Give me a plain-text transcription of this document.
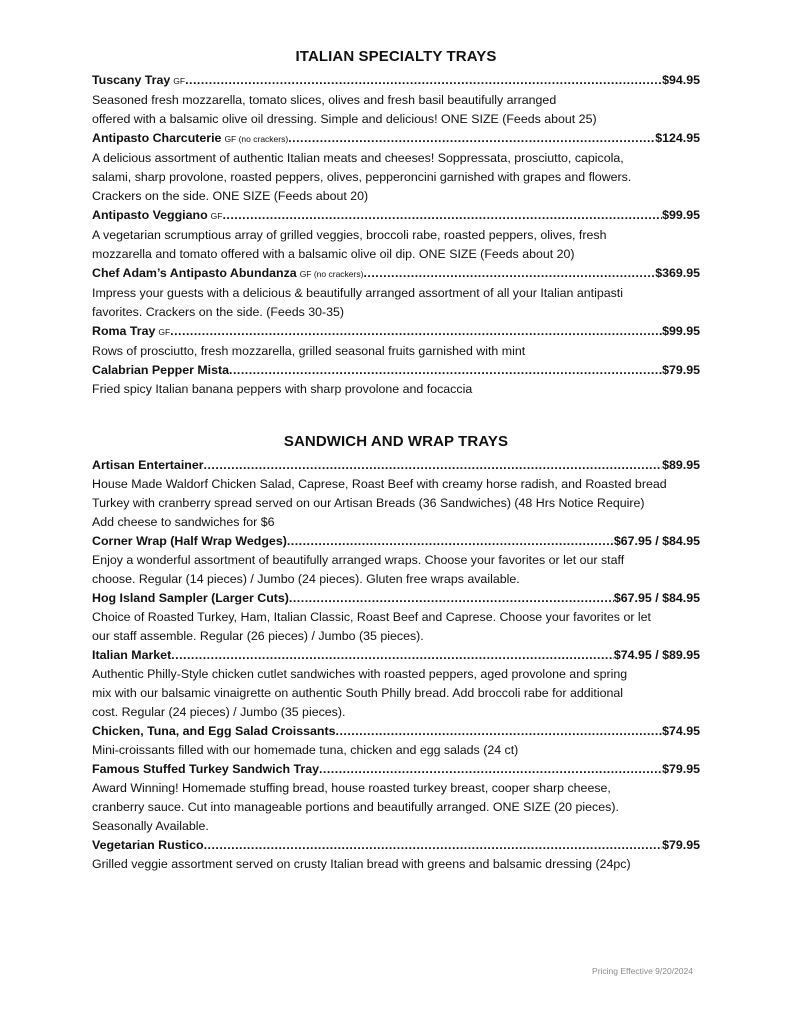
ITALIAN SPECIALTY TRAYS
Tuscany Tray GF .....	$94.95

Seasoned fresh mozzarella, tomato slices, olives and fresh basil beautifully arranged
offered with a balsamic olive oil dressing. Simple and delicious! ONE SIZE (Feeds about 25)

Antipasto Charcuterie GF (no crackers) .....	$124.95

A delicious assortment of authentic Italian meats and cheeses! Soppressata, prosciutto, capicola,
salami, sharp provolone, roasted peppers, olives, pepperoncini garnished with grapes and flowers.
Crackers on the side. ONE SIZE (Feeds about 20)

Antipasto Veggiano GF .....	$99.95

A vegetarian scrumptious array of grilled veggies, broccoli rabe, roasted peppers, olives, fresh
mozzarella and tomato offered with a balsamic olive oil dip. ONE SIZE (Feeds about 20)

Chef Adam’s Antipasto Abundanza GF (no crackers) .....	$369.95

Impress your guests with a delicious & beautifully arranged assortment of all your Italian antipasti
favorites. Crackers on the side. (Feeds 30-35)

Roma Tray GF .....	$99.95

Rows of prosciutto, fresh mozzarella, grilled seasonal fruits garnished with mint

Calabrian Pepper Mista .....	$79.95

Fried spicy Italian banana peppers with sharp provolone and focaccia

SANDWICH AND WRAP TRAYS
Artisan Entertainer .....	$89.95

House Made Waldorf Chicken Salad, Caprese, Roast Beef with creamy horse radish, and Roasted bread
Turkey with cranberry spread served on our Artisan Breads (36 Sandwiches) (48 Hrs Notice Require)
Add cheese to sandwiches for $6

Corner Wrap (Half Wrap Wedges) .....	$67.95 / $84.95

Enjoy a wonderful assortment of beautifully arranged wraps. Choose your favorites or let our staff
choose. Regular (14 pieces) / Jumbo (24 pieces). Gluten free wraps available.

Hog Island Sampler (Larger Cuts) .....	$67.95 / $84.95

Choice of Roasted Turkey, Ham, Italian Classic, Roast Beef and Caprese. Choose your favorites or let
our staff assemble. Regular (26 pieces) / Jumbo (35 pieces).

Italian Market .....	$74.95 / $89.95

Authentic Philly-Style chicken cutlet sandwiches with roasted peppers, aged provolone and spring
mix with our balsamic vinaigrette on authentic South Philly bread. Add broccoli rabe for additional
cost. Regular (24 pieces) / Jumbo (35 pieces).

Chicken, Tuna, and Egg Salad Croissants .....	$74.95

Mini-croissants filled with our homemade tuna, chicken and egg salads (24 ct)

Famous Stuffed Turkey Sandwich Tray .....	$79.95

Award Winning! Homemade stuffing bread, house roasted turkey breast, cooper sharp cheese,
cranberry sauce. Cut into manageable portions and beautifully arranged. ONE SIZE (20 pieces).
Seasonally Available.

Vegetarian Rustico .....	$79.95

Grilled veggie assortment served on crusty Italian bread with greens and balsamic dressing (24pc)

Pricing Effective 9/20/2024
